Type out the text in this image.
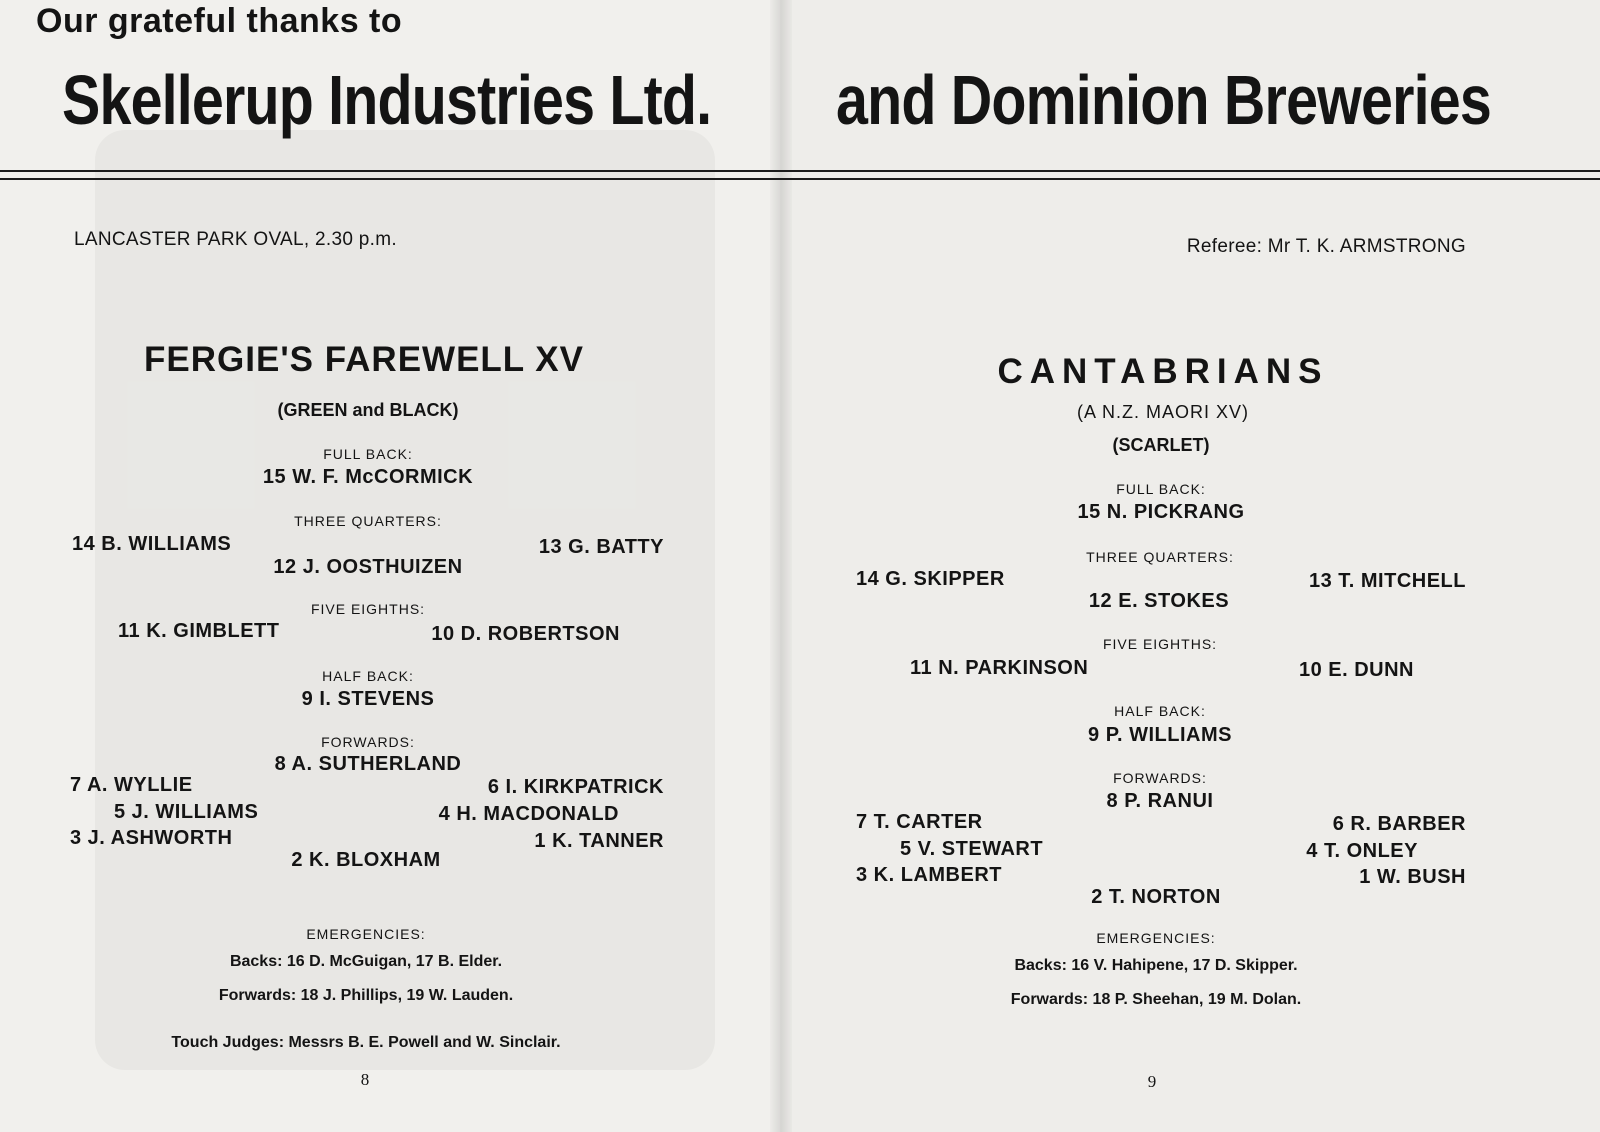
Our grateful thanks to
Skellerup Industries Ltd. and Dominion Breweries
LANCASTER PARK OVAL, 2.30 p.m.	Referee: Mr T. K. ARMSTRONG
FERGIE'S FAREWELL XV
(GREEN and BLACK)
FULL BACK:
15 W. F. McCORMICK
THREE QUARTERS:
14 B. WILLIAMS	13 G. BATTY
12 J. OOSTHUIZEN
FIVE EIGHTHS:
11 K. GIMBLETT	10 D. ROBERTSON
HALF BACK:
9 I. STEVENS
FORWARDS:
8 A. SUTHERLAND
7 A. WYLLIE	6 I. KIRKPATRICK
5 J. WILLIAMS	4 H. MACDONALD
3 J. ASHWORTH	1 K. TANNER
2 K. BLOXHAM
EMERGENCIES:
Backs: 16 D. McGuigan, 17 B. Elder.
Forwards: 18 J. Phillips, 19 W. Lauden.
Touch Judges: Messrs B. E. Powell and W. Sinclair.
8
CANTABRIANS
(A N.Z. MAORI XV)
(SCARLET)
FULL BACK:
15 N. PICKRANG
THREE QUARTERS:
14 G. SKIPPER	13 T. MITCHELL
12 E. STOKES
FIVE EIGHTHS:
11 N. PARKINSON	10 E. DUNN
HALF BACK:
9 P. WILLIAMS
FORWARDS:
8 P. RANUI
7 T. CARTER	6 R. BARBER
5 V. STEWART	4 T. ONLEY
3 K. LAMBERT	1 W. BUSH
2 T. NORTON
EMERGENCIES:
Backs: 16 V. Hahipene, 17 D. Skipper.
Forwards: 18 P. Sheehan, 19 M. Dolan.
9
